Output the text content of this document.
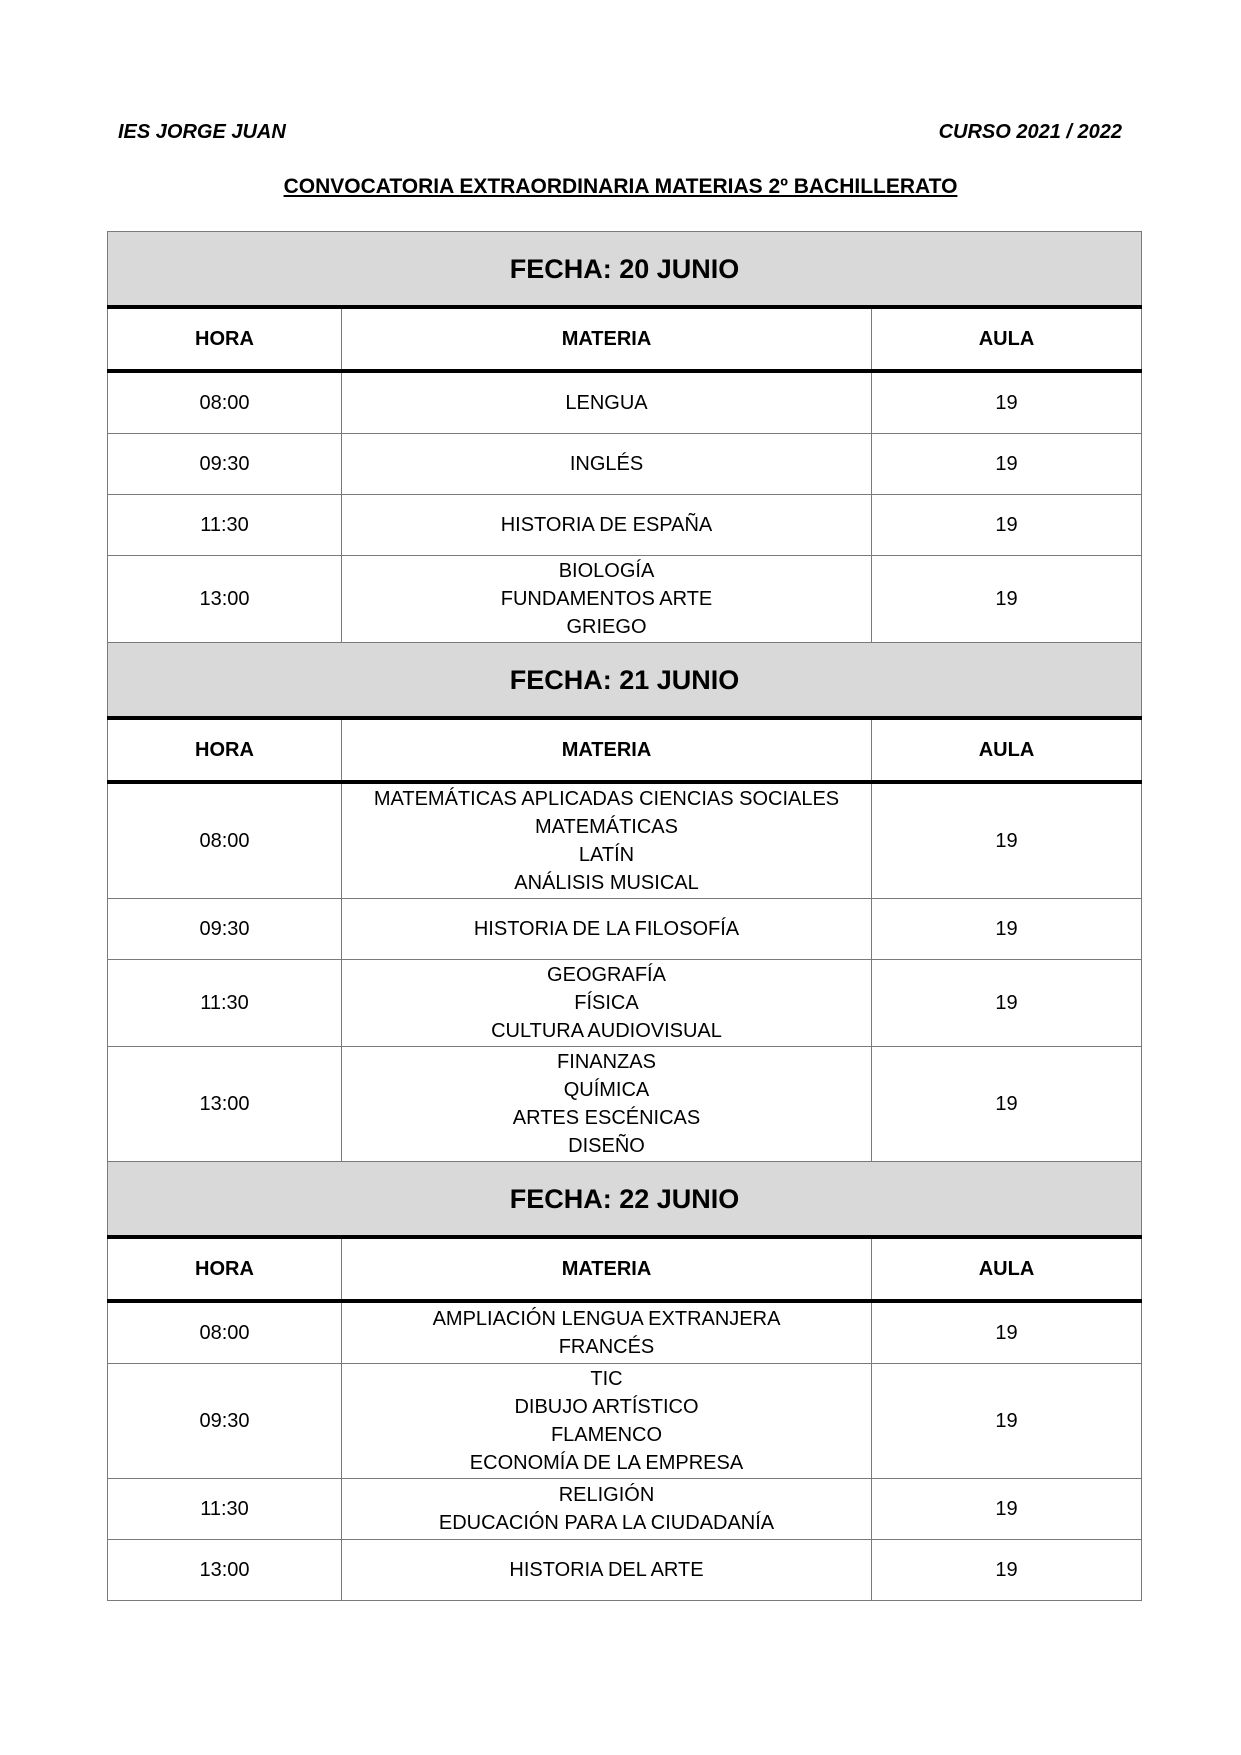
IES JORGE JUAN	CURSO 2021 / 2022
CONVOCATORIA EXTRAORDINARIA MATERIAS 2º BACHILLERATO
FECHA: 20 JUNIO		
HORA	MATERIA	AULA
08:00	LENGUA	19
09:30	INGLÉS	19
11:30	HISTORIA DE ESPAÑA	19
13:00	BIOLOGÍA
FUNDAMENTOS ARTE
GRIEGO	19
FECHA: 21 JUNIO		
HORA	MATERIA	AULA
08:00	MATEMÁTICAS APLICADAS CIENCIAS SOCIALES
MATEMÁTICAS
LATÍN
ANÁLISIS MUSICAL	19
09:30	HISTORIA DE LA FILOSOFÍA	19
11:30	GEOGRAFÍA
FÍSICA
CULTURA AUDIOVISUAL	19
13:00	FINANZAS
QUÍMICA
ARTES ESCÉNICAS
DISEÑO	19
FECHA: 22 JUNIO		
HORA	MATERIA	AULA
08:00	AMPLIACIÓN LENGUA EXTRANJERA
FRANCÉS	19
09:30	TIC
DIBUJO ARTÍSTICO
FLAMENCO
ECONOMÍA DE LA EMPRESA	19
11:30	RELIGIÓN
EDUCACIÓN PARA LA CIUDADANÍA	19
13:00	HISTORIA DEL ARTE	19
